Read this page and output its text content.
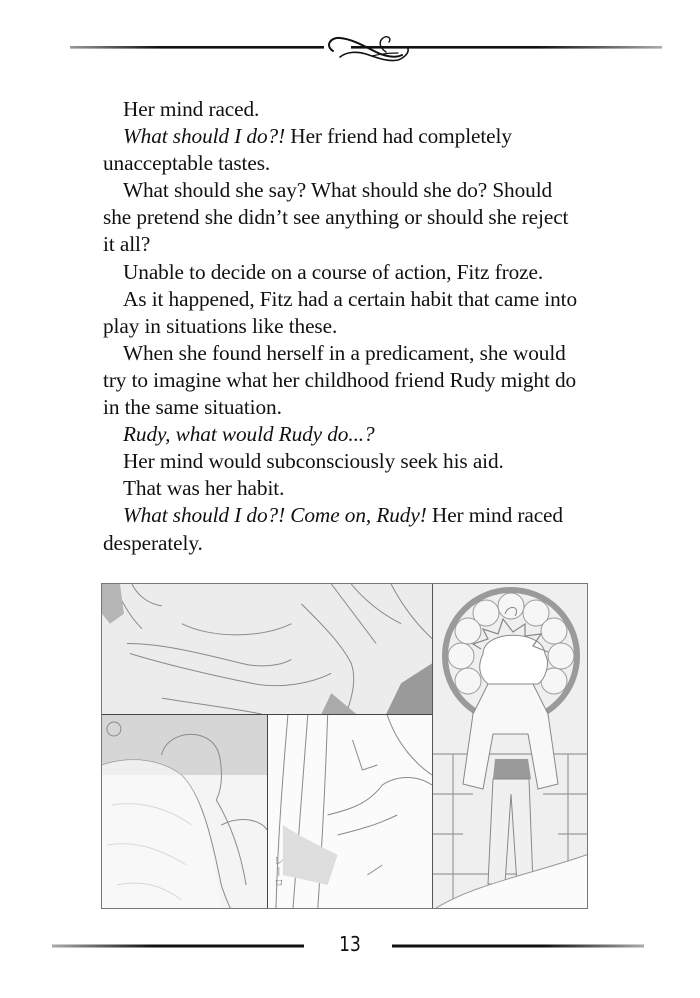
Her mind raced.

What should I do?! Her friend had completely unacceptable tastes.

What should she say? What should she do? Should she pretend she didn’t see anything or should she reject it all?

Unable to decide on a course of action, Fitz froze.

As it happened, Fitz had a certain habit that came into play in situations like these.

When she found herself in a predicament, she would try to imagine what her childhood friend Rudy might do in the same situation.

Rudy, what would Rudy do...?

Her mind would subconsciously seek his aid.

That was her habit.

What should I do?! Come on, Rudy! Her mind raced desperately.

レーロ
13
